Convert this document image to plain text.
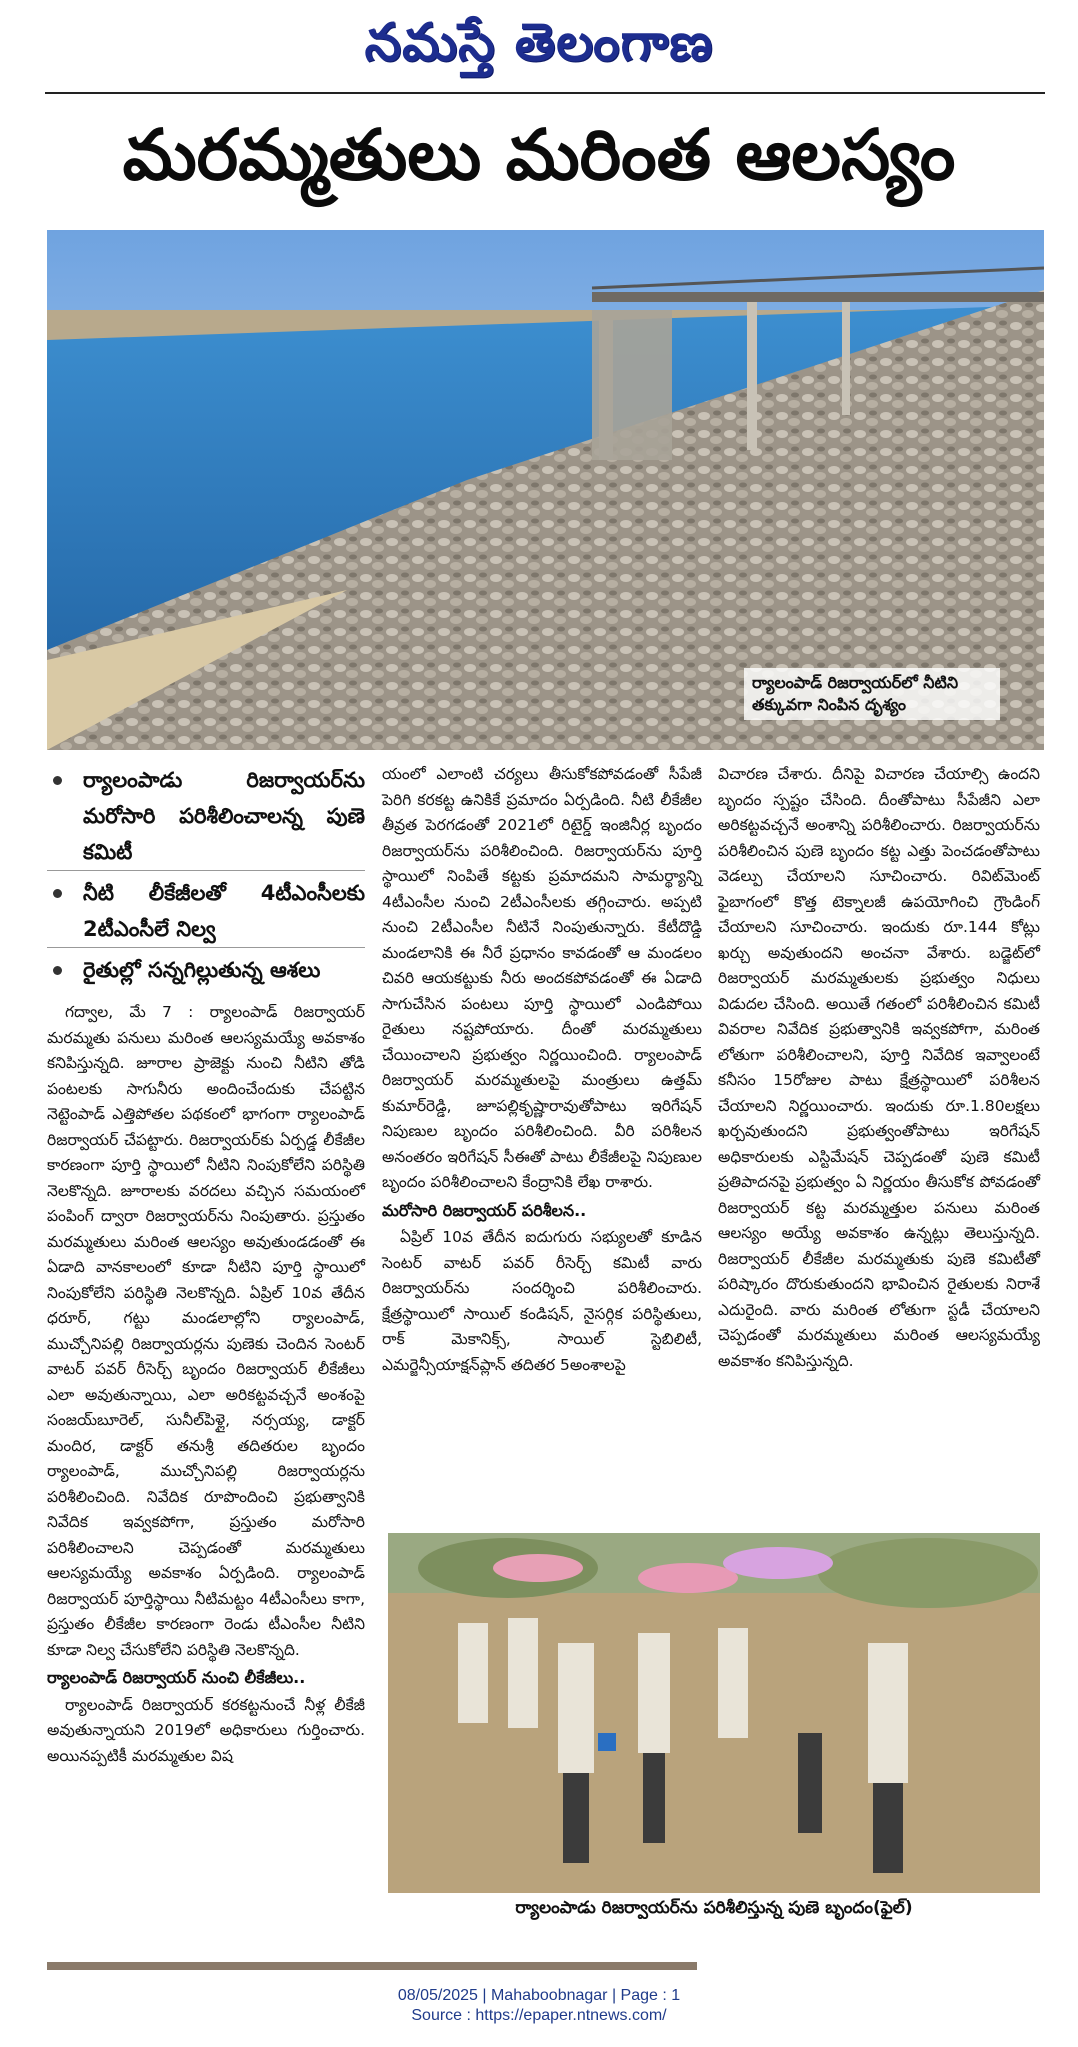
నమస్తే తెలంగాణ
మరమ్మతులు మరింత ఆలస్యం
ర్యాలంపాడ్ రిజర్వాయర్‌లో నీటిని తక్కువగా నింపిన దృశ్యం
ర్యాలంపాడు రిజర్వాయర్‌ను మరోసారి పరిశీలించాలన్న పుణె కమిటీ
నీటి లీకేజీలతో 4టీఎంసీలకు 2టీఎంసీలే నిల్వ
రైతుల్లో సన్నగిల్లుతున్న ఆశలు

గద్వాల, మే 7 : ర్యాలంపాడ్ రిజర్వాయర్ మరమ్మతు పనులు మరింత ఆలస్యమయ్యే అవకాశం కనిపిస్తున్నది. జూరాల ప్రాజెక్టు నుంచి నీటిని తోడి పంటలకు సాగునీరు అందించేందుకు చేపట్టిన నెట్టెంపాడ్ ఎత్తిపోతల పథకంలో భాగంగా ర్యాలంపాడ్ రిజర్వాయర్ చేపట్టారు. రిజర్వాయర్‌కు ఏర్పడ్డ లీకేజీల కారణంగా పూర్తి స్థాయిలో నీటిని నింపుకోలేని పరిస్థితి నెలకొన్నది. జూరాలకు వరదలు వచ్చిన సమయంలో పంపింగ్ ద్వారా రిజర్వాయర్‌ను నింపుతారు. ప్రస్తుతం మరమ్మతులు మరింత ఆలస్యం అవుతుండడంతో ఈ ఏడాది వానకాలంలో కూడా నీటిని పూర్తి స్థాయిలో నింపుకోలేని పరిస్థితి నెలకొన్నది. ఏప్రిల్ 10వ తేదీన ధరూర్, గట్టు మండలాల్లోని ర్యాలంపాడ్, ముచ్చోనిపల్లి రిజర్వాయర్లను పుణెకు చెందిన సెంటర్ వాటర్ పవర్ రీసెర్చ్ బృందం రిజర్వాయర్ లీకేజీలు ఎలా అవుతున్నాయి, ఎలా అరికట్టవచ్చనే అంశంపై సంజయ్‌బూరెల్, సునీల్‌పిళ్లై, నర్సయ్య, డాక్టర్ మందిర, డాక్టర్ తనుశ్రీ తదితరుల బృందం ర్యాలంపాడ్, ముచ్చోనిపల్లి రిజర్వాయర్లను పరిశీలించింది. నివేదిక రూపొందించి ప్రభుత్వానికి నివేదిక ఇవ్వకపోగా, ప్రస్తుతం మరోసారి పరిశీలించాలని చెప్పడంతో మరమ్మతులు ఆలస్యమయ్యే అవకాశం ఏర్పడింది. ర్యాలంపాడ్ రిజర్వాయర్ పూర్తిస్థాయి నీటిమట్టం 4టీఎంసీలు కాగా, ప్రస్తుతం లీకేజీల కారణంగా రెండు టీఎంసీల నీటిని కూడా నిల్వ చేసుకోలేని పరిస్థితి నెలకొన్నది.

ర్యాలంపాడ్ రిజర్వాయర్ నుంచి లీకేజీలు..

ర్యాలంపాడ్ రిజర్వాయర్ కరకట్టనుంచే నీళ్ల లీకేజీ అవుతున్నాయని 2019లో అధికారులు గుర్తించారు. అయినప్పటికీ మరమ్మతుల విష

యంలో ఎలాంటి చర్యలు తీసుకోకపోవడంతో సీపేజీ పెరిగి కరకట్ట ఉనికికే ప్రమాదం ఏర్పడింది. నీటి లీకేజీల తీవ్రత పెరగడంతో 2021లో రిటైర్డ్ ఇంజినీర్ల బృందం రిజర్వాయర్‌ను పరిశీలించింది. రిజర్వాయర్‌ను పూర్తి స్థాయిలో నింపితే కట్టకు ప్రమాదమని సామర్థ్యాన్ని 4టీఎంసీల నుంచి 2టీఎంసీలకు తగ్గించారు. అప్పటి నుంచి 2టీఎంసీల నీటినే నింపుతున్నారు. కేటీదొడ్డి మండలానికి ఈ నీరే ప్రధానం కావడంతో ఆ మండలం చివరి ఆయకట్టుకు నీరు అందకపోవడంతో ఈ ఏడాది సాగుచేసిన పంటలు పూర్తి స్థాయిలో ఎండిపోయి రైతులు నష్టపోయారు. దీంతో మరమ్మతులు చేయించాలని ప్రభుత్వం నిర్ణయించింది. ర్యాలంపాడ్ రిజర్వాయర్ మరమ్మతులపై మంత్రులు ఉత్తమ్ కుమార్‌రెడ్డి, జూపల్లికృష్ణారావుతోపాటు ఇరిగేషన్ నిపుణుల బృందం పరిశీలించింది. వీరి పరిశీలన అనంతరం ఇరిగేషన్ సీఈతో పాటు లీకేజీలపై నిపుణుల బృందం పరిశీలించాలని కేంద్రానికి లేఖ రాశారు.

మరోసారి రిజర్వాయర్ పరిశీలన..

ఏప్రిల్ 10వ తేదీన ఐదుగురు సభ్యులతో కూడిన సెంటర్ వాటర్ పవర్ రీసెర్చ్ కమిటీ వారు రిజర్వాయర్‌ను సందర్శించి పరిశీలించారు. క్షేత్రస్థాయిలో సాయిల్ కండిషన్, నైసర్గిక పరిస్థితులు, రాక్ మెకానిక్స్, సాయిల్ స్టెబిలిటీ, ఎమర్జెన్సీయాక్షన్‌ప్లాన్ తదితర 5అంశాలపై

విచారణ చేశారు. దీనిపై విచారణ చేయాల్సి ఉందని బృందం స్పష్టం చేసింది. దీంతోపాటు సీపేజీని ఎలా అరికట్టవచ్చనే అంశాన్ని పరిశీలించారు. రిజర్వాయర్‌ను పరిశీలించిన పుణె బృందం కట్ట ఎత్తు పెంచడంతోపాటు వెడల్పు చేయాలని సూచించారు. రివిట్‌మెంట్ ఫైబాగంలో కొత్త టెక్నాలజీ ఉపయోగించి గ్రౌండింగ్ చేయాలని సూచించారు. ఇందుకు రూ.144 కోట్లు ఖర్చు అవుతుందని అంచనా వేశారు. బడ్జెట్‌లో రిజర్వాయర్ మరమ్మతులకు ప్రభుత్వం నిధులు విడుదల చేసింది. అయితే గతంలో పరిశీలించిన కమిటీ వివరాల నివేదిక ప్రభుత్వానికి ఇవ్వకపోగా, మరింత లోతుగా పరిశీలించాలని, పూర్తి నివేదిక ఇవ్వాలంటే కనీసం 15రోజుల పాటు క్షేత్రస్థాయిలో పరిశీలన చేయాలని నిర్ణయించారు. ఇందుకు రూ.1.80లక్షలు ఖర్చవుతుందని ప్రభుత్వంతోపాటు ఇరిగేషన్ అధికారులకు ఎస్టిమేషన్ చెప్పడంతో పుణె కమిటీ ప్రతిపాదనపై ప్రభుత్వం ఏ నిర్ణయం తీసుకోక పోవడంతో రిజర్వాయర్ కట్ట మరమ్మత్తుల పనులు మరింత ఆలస్యం అయ్యే అవకాశం ఉన్నట్లు తెలుస్తున్నది. రిజర్వాయర్ లీకేజీల మరమ్మతుకు పుణె కమిటీతో పరిష్కారం దొరుకుతుందని భావించిన రైతులకు నిరాశే ఎదురైంది. వారు మరింత లోతుగా స్టడీ చేయాలని చెప్పడంతో మరమ్మతులు మరింత ఆలస్యమయ్యే అవకాశం కనిపిస్తున్నది.

ర్యాలంపాడు రిజర్వాయర్‌ను పరిశీలిస్తున్న పుణె బృందం(ఫైల్)
08/05/2025 | Mahaboobnagar | Page : 1
Source : https://epaper.ntnews.com/
